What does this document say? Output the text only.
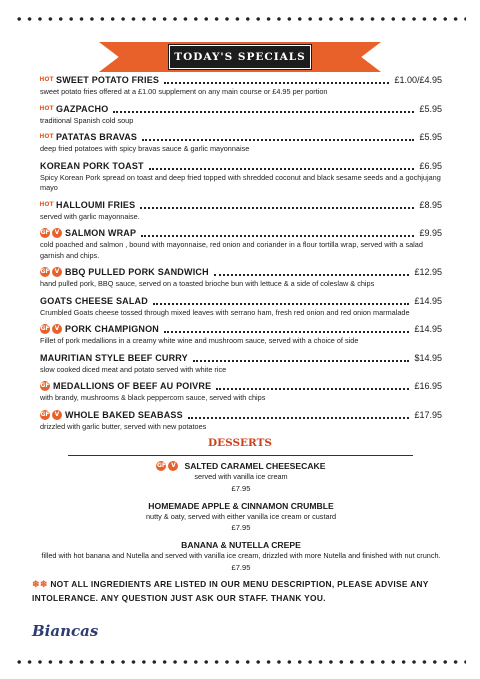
TODAY'S SPECIALS
HOT SWEET POTATO FRIES	£1.00/£4.95
sweet potato fries offered at a £1.00 supplement on any main course or £4.95 per portion
HOT GAZPACHO	£5.95
traditional Spanish cold soup
HOT PATATAS BRAVAS	£5.95
deep fried potatoes with spicy bravas sauce & garlic mayonnaise
KOREAN PORK TOAST	£6.95
Spicy Korean Pork spread on toast and deep fried topped with shredded coconut and black sesame seeds and a gochjujang mayo
HOT HALLOUMI FRIES	£8.95
served with garlic mayonnaise.
GF V SALMON WRAP	£9.95
cold poached and salmon , bound with mayonnaise, red onion and coriander in a flour tortilla wrap, served with a salad garnish and chips.
GF V BBQ PULLED PORK SANDWICH	£12.95
hand pulled pork, BBQ sauce, served on a toasted brioche bun with lettuce & a side of coleslaw & chips
GOATS CHEESE SALAD	£14.95
Crumbled Goats cheese tossed through mixed leaves with serrano ham, fresh red onion and red onion marmalade
GF V PORK CHAMPIGNON	£14.95
Fillet of pork medallions in a creamy white wine and mushroom sauce, served with a choice of side
MAURITIAN STYLE BEEF CURRY	$14.95
slow cooked diced meat and potato served with white rice
GF MEDALLIONS OF BEEF AU POIVRE	£16.95
with brandy, mushrooms & black peppercorn sauce, served with chips
GF V WHOLE BAKED SEABASS	£17.95
drizzled with garlic butter, served with new potatoes
DESSERTS
GF V	SALTED CARAMEL CHEESECAKE
served with vanilla ice cream
£7.95
HOMEMADE APPLE & CINNAMON CRUMBLE
nutty & oaty, served with either vanilla ice cream or custard
£7.95
BANANA & NUTELLA CREPE
filled with hot banana and Nutella and served with vanilla ice cream, drizzled with more Nutella and finished with nut crunch.
£7.95
❄❄ NOT ALL INGREDIENTS ARE LISTED IN OUR MENU DESCRIPTION, PLEASE ADVISE ANY INTOLERANCE. ANY QUESTION JUST ASK OUR STAFF. THANK YOU.
Biancas
